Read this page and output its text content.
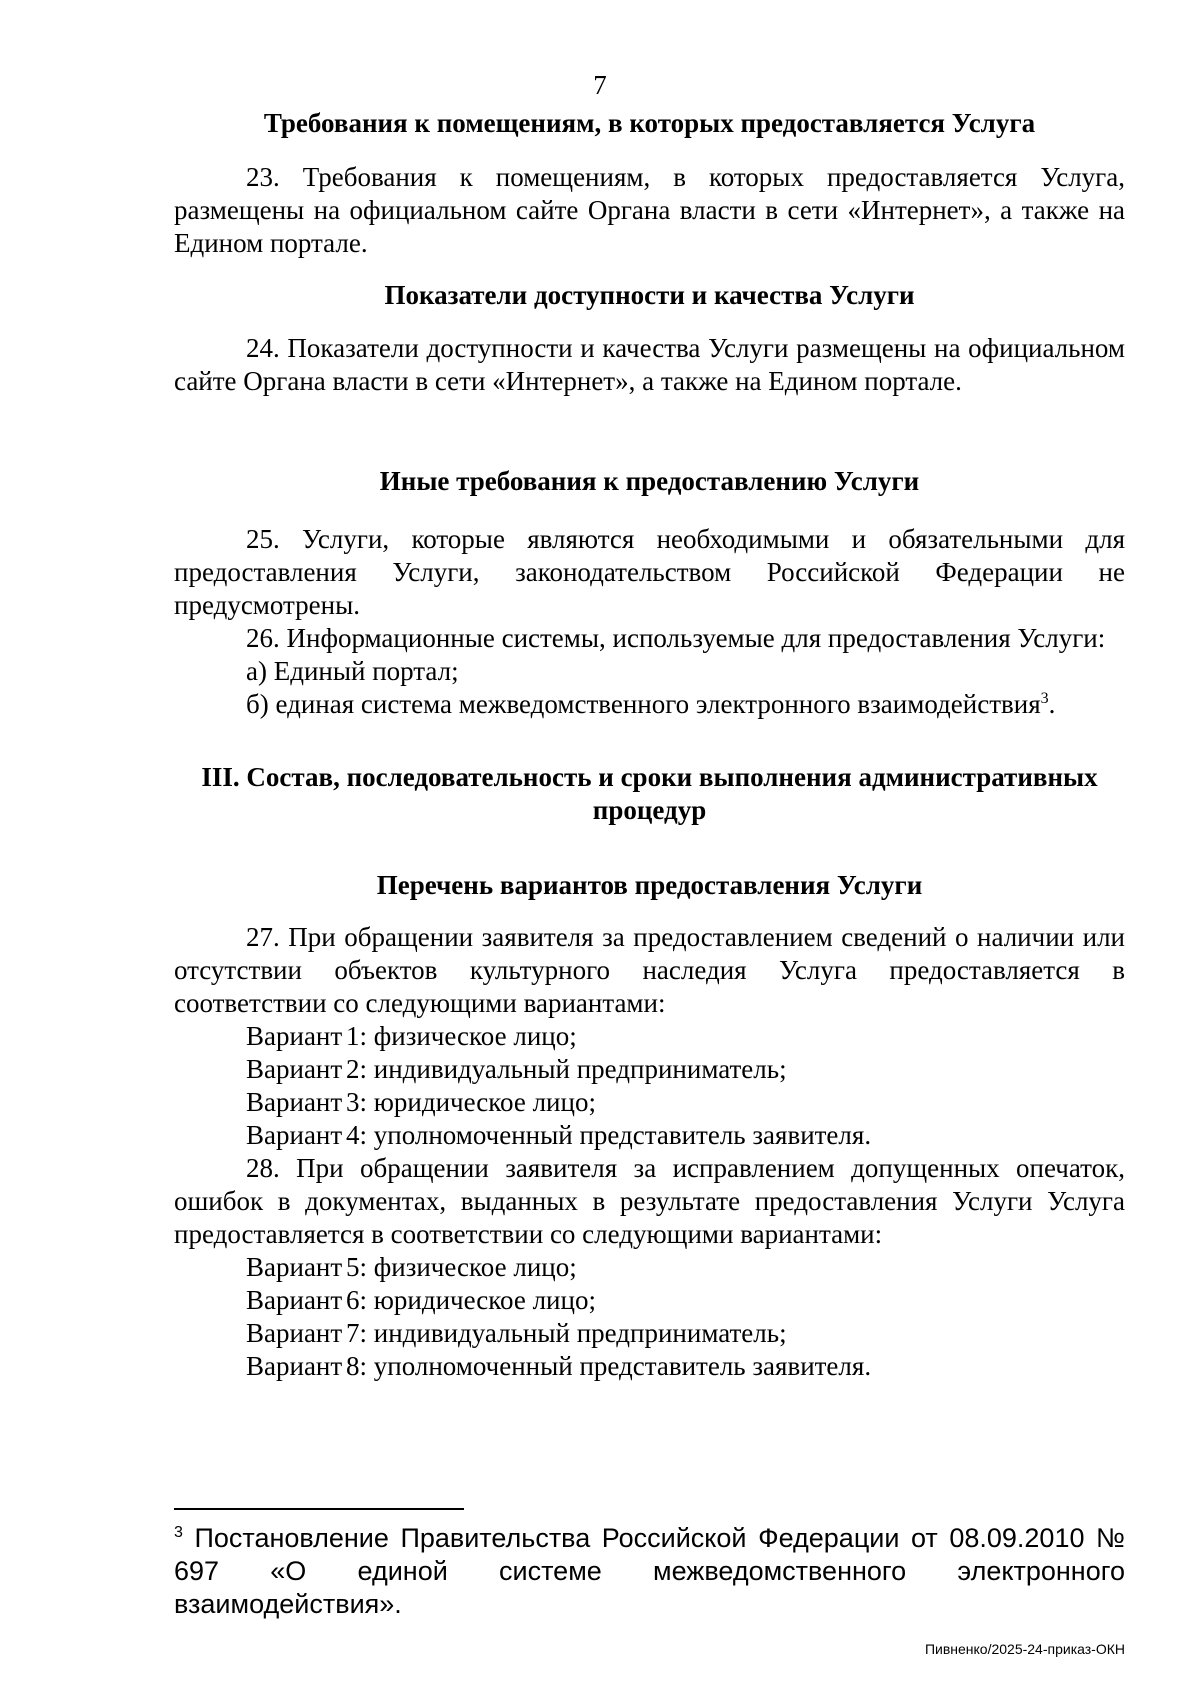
7
Требования к помещениям, в которых предоставляется Услуга
23. Требования к помещениям, в которых предоставляется Услуга, размещены на официальном сайте Органа власти в сети «Интернет», а также на Едином портале.
Показатели доступности и качества Услуги
24. Показатели доступности и качества Услуги размещены на официальном сайте Органа власти в сети «Интернет», а также на Едином портале.
Иные требования к предоставлению Услуги
25. Услуги, которые являются необходимыми и обязательными для предоставления Услуги, законодательством Российской Федерации не предусмотрены.
26. Информационные системы, используемые для предоставления Услуги:
а) Единый портал;
б) единая система межведомственного электронного взаимодействия$^3$.
III. Состав, последовательность и сроки выполнения административных процедур
Перечень вариантов предоставления Услуги
27. При обращении заявителя за предоставлением сведений о наличии или отсутствии объектов культурного наследия Услуга предоставляется в соответствии со следующими вариантами:
Вариант 1: физическое лицо;
Вариант 2: индивидуальный предприниматель;
Вариант 3: юридическое лицо;
Вариант 4: уполномоченный представитель заявителя.
28. При обращении заявителя за исправлением допущенных опечаток, ошибок в документах, выданных в результате предоставления Услуги Услуга предоставляется в соответствии со следующими вариантами:
Вариант 5: физическое лицо;
Вариант 6: юридическое лицо;
Вариант 7: индивидуальный предприниматель;
Вариант 8: уполномоченный представитель заявителя.
$^3$ Постановление Правительства Российской Федерации от 08.09.2010 № 697 «О единой системе межведомственного электронного взаимодействия».
Пивненко/2025-24-приказ-ОКН
